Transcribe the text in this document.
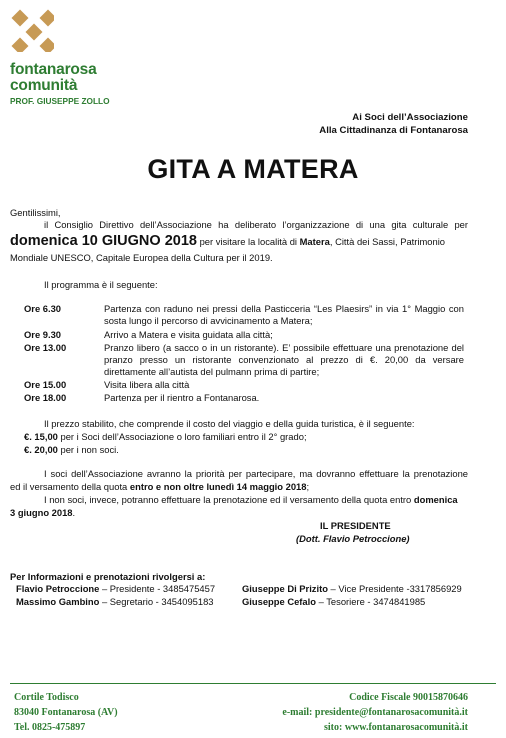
fontanarosa
comunità
PROF. GIUSEPPE ZOLLO
Ai Soci dell’Associazione
Alla Cittadinanza di Fontanarosa
GITA A MATERA
Gentilissimi,
il Consiglio Direttivo dell’Associazione ha deliberato l’organizzazione di una gita culturale per
domenica 10 GIUGNO 2018 per visitare la località di Matera, Città dei Sassi, Patrimonio
Mondiale UNESCO, Capitale Europea della Cultura per il 2019.
Il programma è il seguente:
Ore 6.30	Partenza con raduno nei pressi della Pasticceria “Les Plaesirs” in via 1° Maggio con sosta lungo il percorso di avvicinamento a Matera;
Ore 9.30	Arrivo a Matera e visita guidata alla città;
Ore 13.00	Pranzo libero (a sacco o in un ristorante). E’ possibile effettuare una prenotazione del pranzo presso un ristorante convenzionato al prezzo di €. 20,00 da versare direttamente all’autista del pulmann prima di partire;
Ore 15.00	Visita libera alla città
Ore 18.00	Partenza per il rientro a Fontanarosa.
Il prezzo stabilito, che comprende il costo del viaggio e della guida turistica, è il seguente:
€. 15,00 per i Soci dell’Associazione o loro familiari entro il 2° grado;
€. 20,00 per i non soci.
I soci dell’Associazione avranno la priorità per partecipare, ma dovranno effettuare la prenotazione
ed il versamento della quota entro e non oltre lunedì 14 maggio 2018;
I non soci, invece, potranno effettuare la prenotazione ed il versamento della quota entro domenica
3 giugno 2018.
IL PRESIDENTE
(Dott. Flavio Petroccione)
Per Informazioni e prenotazioni rivolgersi a:
Flavio Petroccione – Presidente - 3485475457
Massimo Gambino – Segretario - 3454095183
Giuseppe Di Prizito – Vice Presidente -3317856929
Giuseppe Cefalo – Tesoriere - 3474841985
Cortile Todisco
83040 Fontanarosa (AV)
Tel. 0825-475897
Codice Fiscale 90015870646
e-mail: presidente@fontanarosacomunità.it
sito: www.fontanarosacomunità.it
